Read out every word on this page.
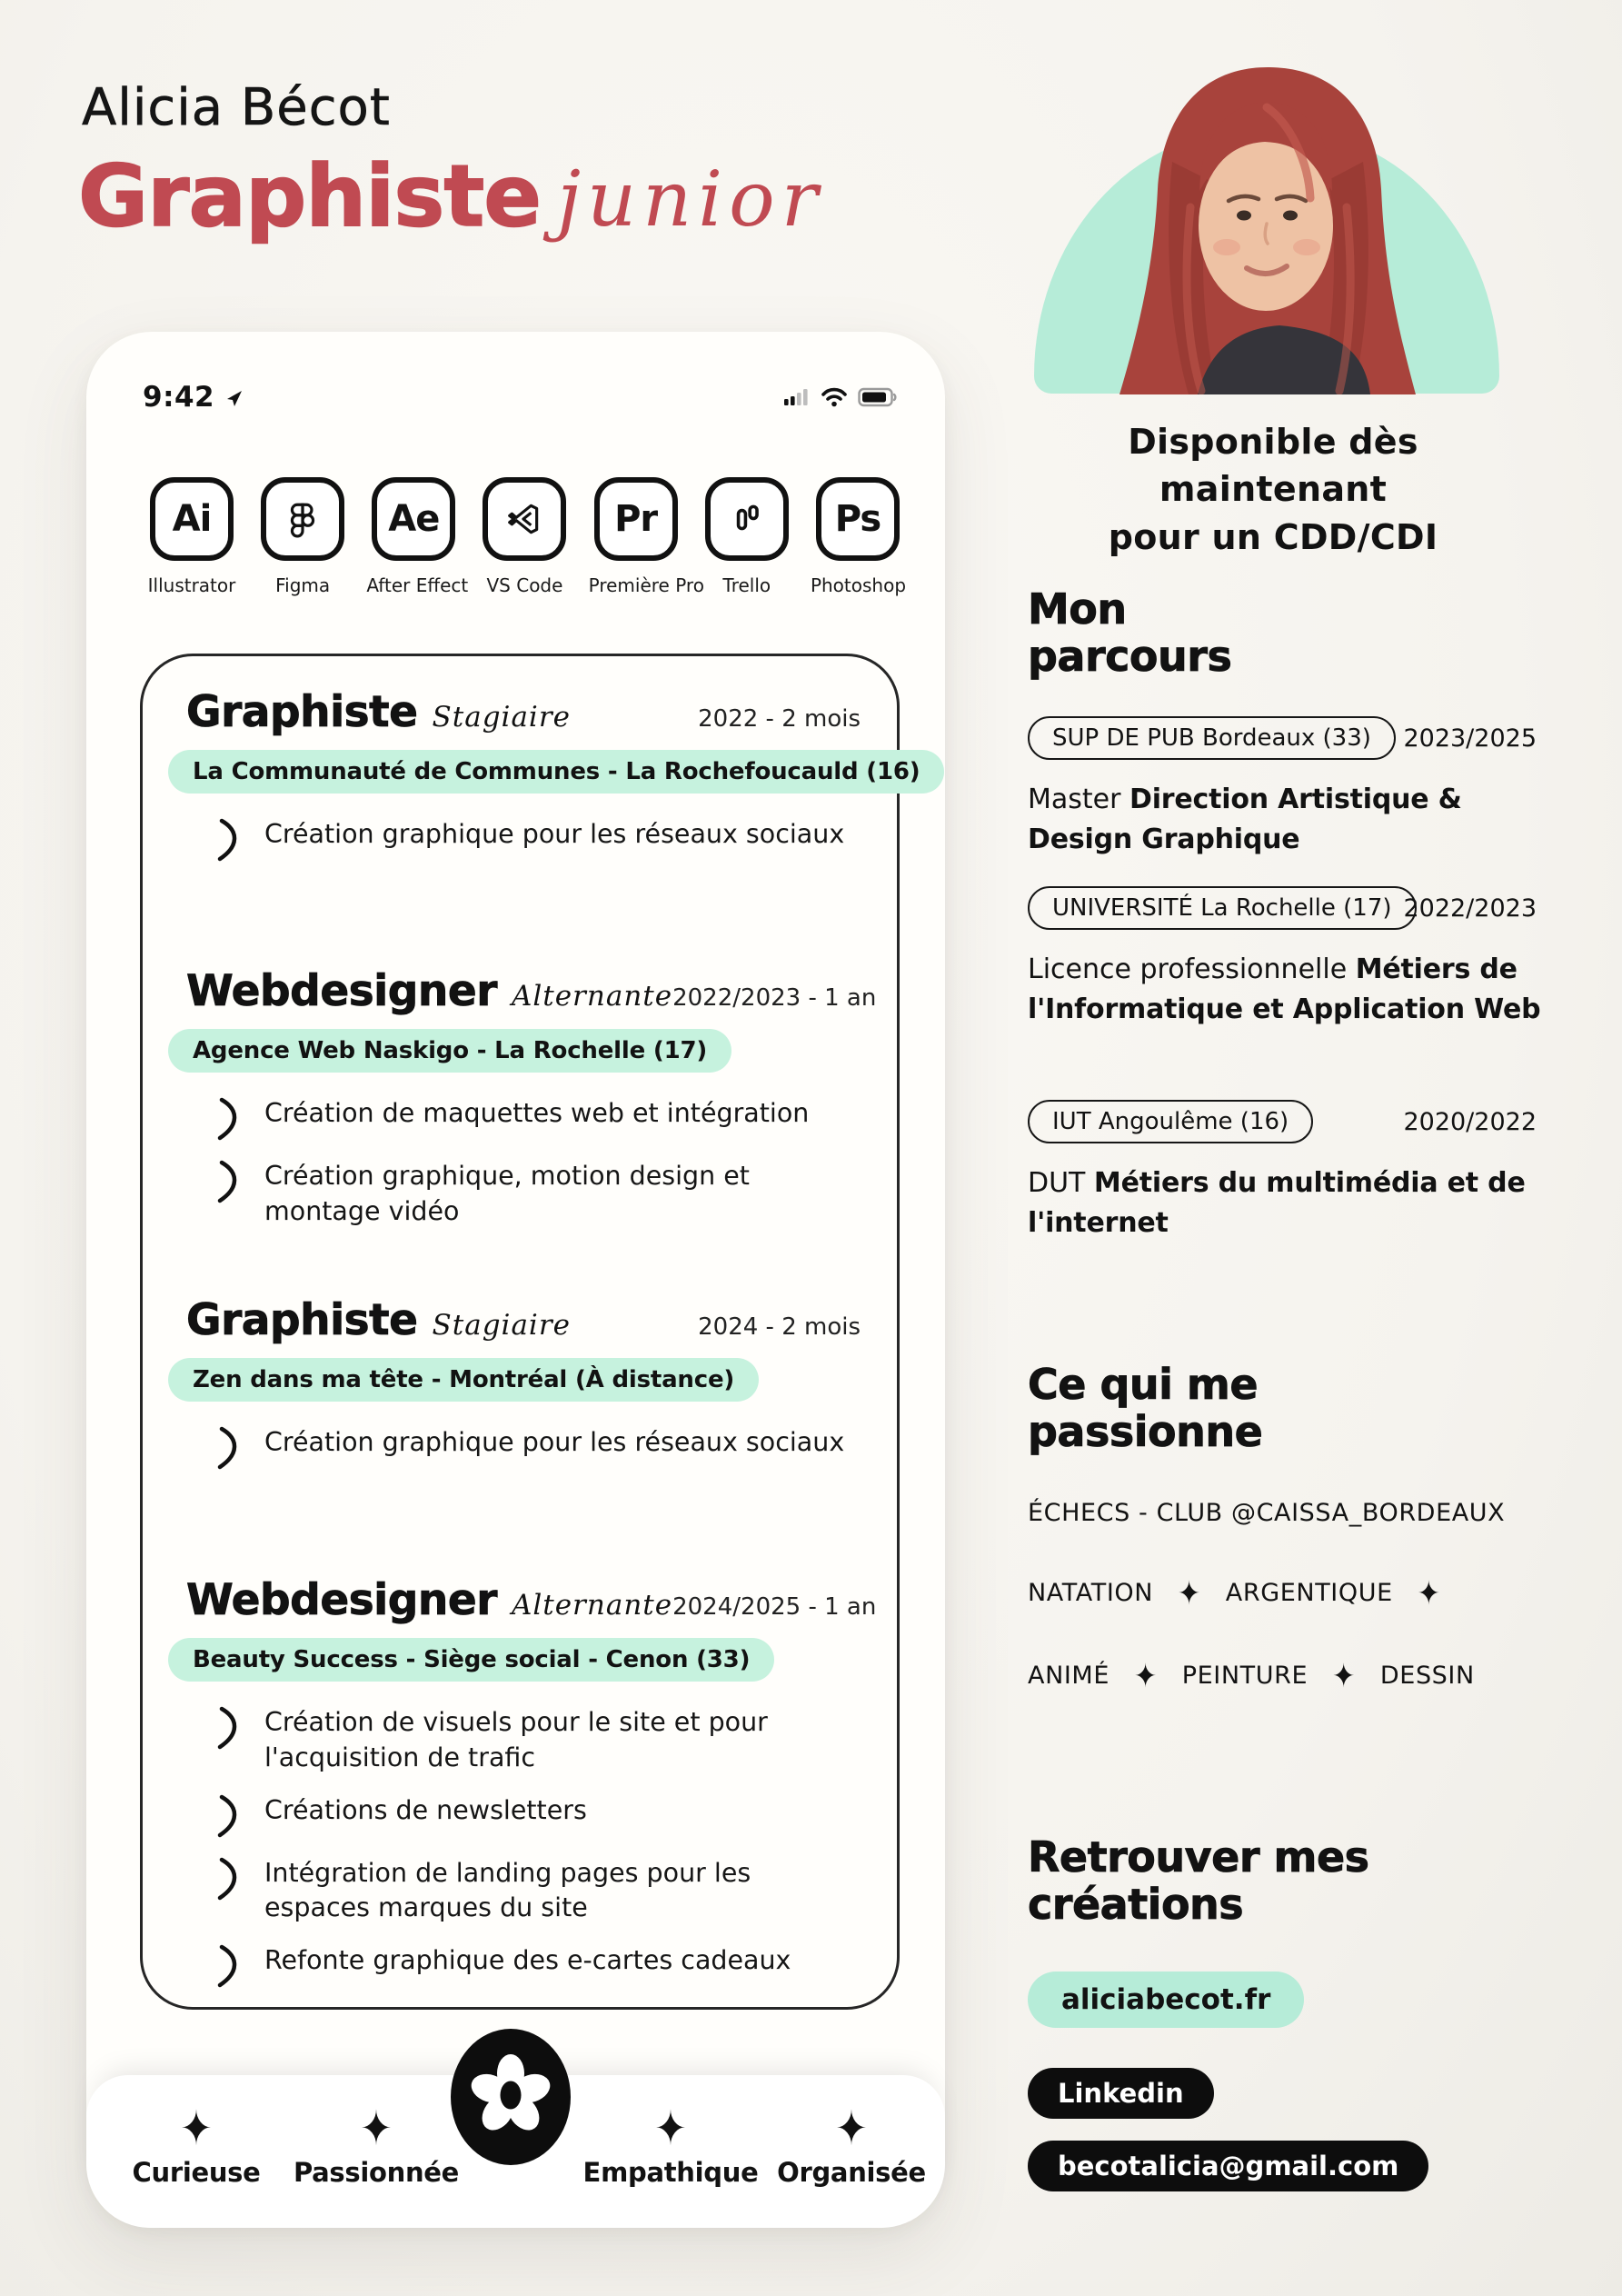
Alicia Bécot
Graphiste junior
Disponible dès maintenant
pour un CDD/CDI
9:42
Ai
Illustrator	Figma
Ae
After Effect	VS Code
Pr
Première Pro	Trello
Ps
Photoshop
Graphiste Stagiaire	2022 - 2 mois
La Communauté de Communes - La Rochefoucauld (16)
Création graphique pour les réseaux sociaux
Webdesigner Alternante 2022/2023 - 1 an
Agence Web Naskigo - La Rochelle (17)
Création de maquettes web et intégration
Création graphique, motion design et montage vidéo
Graphiste Stagiaire	2024 - 2 mois
Zen dans ma tête - Montréal (À distance)
Création graphique pour les réseaux sociaux
Webdesigner Alternante 2024/2025 - 1 an
Beauty Success - Siège social - Cenon (33)
Création de visuels pour le site et pour l'acquisition de trafic
Créations de newsletters
Intégration de landing pages pour les espaces marques du site
Refonte graphique des e-cartes cadeaux
✦
Curieuse
✦
Passionnée
✦
Empathique
✦
Organisée
Mon
parcours
SUP DE PUB Bordeaux (33) 2023/2025
Master Direction Artistique & Design Graphique
UNIVERSITÉ La Rochelle (17) 2022/2023
Licence professionnelle Métiers de l'Informatique et Application Web
IUT Angoulême (16)	2020/2022
DUT Métiers du multimédia et de l'internet
Ce qui me
passionne
ÉCHECS - CLUB @CAISSA_BORDEAUX
NATATION ✦ ARGENTIQUE ✦
ANIMÉ ✦ PEINTURE ✦ DESSIN
Retrouver mes
créations
aliciabecot.fr
Linkedin
becotalicia@gmail.com
